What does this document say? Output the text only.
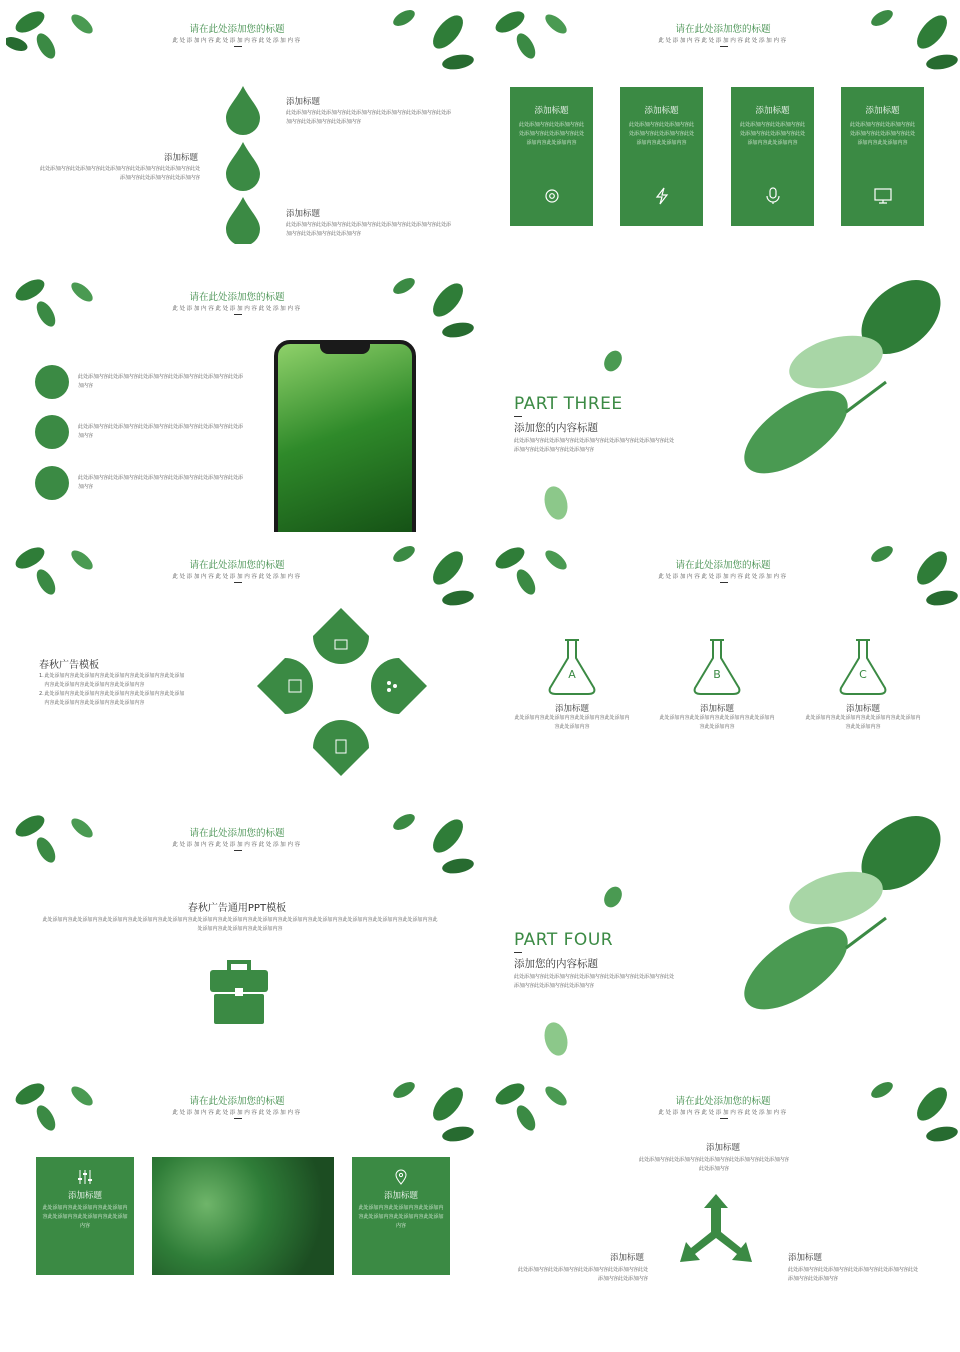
请在此处添加您的标题
此处添加内容此处添加内容此处添加内容
添加标题
此处添加内容此处添加内容此处添加内容此处添加内容此处添加内容此处添加内容此处添加内容此处添加内容
添加标题
此处添加内容此处添加内容此处添加内容此处添加内容此处添加内容此处添加内容此处添加内容此处添加内容
添加标题
此处添加内容此处添加内容此处添加内容此处添加内容此处添加内容此处添加内容此处添加内容此处添加内容
请在此处添加您的标题
此处添加内容此处添加内容此处添加内容
添加标题
此处添加内容此处添加内容此处添加内容此处添加内容此处添加内容此处添加内容
添加标题
此处添加内容此处添加内容此处添加内容此处添加内容此处添加内容此处添加内容
添加标题
此处添加内容此处添加内容此处添加内容此处添加内容此处添加内容此处添加内容
添加标题
此处添加内容此处添加内容此处添加内容此处添加内容此处添加内容此处添加内容
请在此处添加您的标题
此处添加内容此处添加内容此处添加内容
此处添加内容此处添加内容此处添加内容此处添加内容此处添加内容此处添加内容
此处添加内容此处添加内容此处添加内容此处添加内容此处添加内容此处添加内容
此处添加内容此处添加内容此处添加内容此处添加内容此处添加内容此处添加内容
PART THREE
添加您的内容标题
此处添加内容此处添加内容此处添加内容此处添加内容此处添加内容此处添加内容此处添加内容此处添加内容
请在此处添加您的标题
此处添加内容此处添加内容此处添加内容
春秋广告模板
1. 此处添加内容此处添加内容此处添加内容此处添加内容此处添加内容此处添加内容此处添加内容此处添加内容
2. 此处添加内容此处添加内容此处添加内容此处添加内容此处添加内容此处添加内容此处添加内容此处添加内容
请在此处添加您的标题
此处添加内容此处添加内容此处添加内容
A
添加标题
此处添加内容此处添加内容此处添加内容此处添加内容此处添加内容
B
添加标题
此处添加内容此处添加内容此处添加内容此处添加内容此处添加内容
C
添加标题
此处添加内容此处添加内容此处添加内容此处添加内容此处添加内容
请在此处添加您的标题
此处添加内容此处添加内容此处添加内容
春秋广告通用PPT模板
此处添加内容此处添加内容此处添加内容此处添加内容此处添加内容此处添加内容此处添加内容此处添加内容此处添加内容此处添加内容此处添加内容此处添加内容此处添加内容此处添加内容此处添加内容此处添加内容
PART FOUR
添加您的内容标题
此处添加内容此处添加内容此处添加内容此处添加内容此处添加内容此处添加内容此处添加内容此处添加内容
请在此处添加您的标题
此处添加内容此处添加内容此处添加内容
添加标题
此处添加内容此处添加内容此处添加内容此处添加内容此处添加内容此处添加内容
添加标题
此处添加内容此处添加内容此处添加内容此处添加内容此处添加内容此处添加内容
请在此处添加您的标题
此处添加内容此处添加内容此处添加内容
添加标题
此处添加内容此处添加内容此处添加内容此处添加内容此处添加内容此处添加内容
添加标题
此处添加内容此处添加内容此处添加内容此处添加内容此处添加内容此处添加内容
添加标题
此处添加内容此处添加内容此处添加内容此处添加内容此处添加内容此处添加内容
